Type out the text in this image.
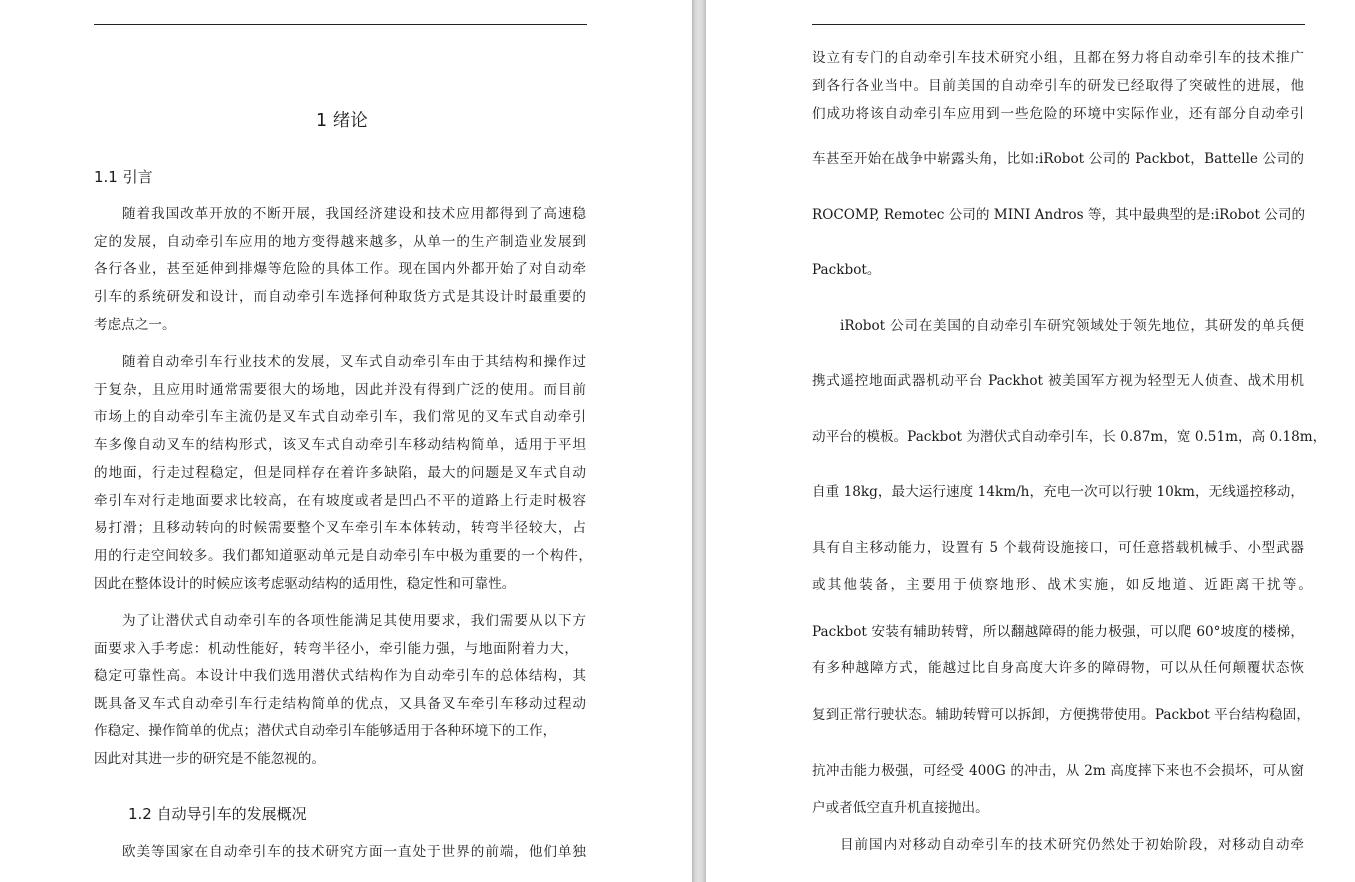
1 绪论
1.1 引言
随着我国改革开放的不断开展，我国经济建设和技术应用都得到了高速稳
定的发展，自动牵引车应用的地方变得越来越多，从单一的生产制造业发展到
各行各业，甚至延伸到排爆等危险的具体工作。现在国内外都开始了对自动牵
引车的系统研发和设计，而自动牵引车选择何种取货方式是其设计时最重要的
考虑点之一。
随着自动牵引车行业技术的发展，叉车式自动牵引车由于其结构和操作过
于复杂，且应用时通常需要很大的场地，因此并没有得到广泛的使用。而目前
市场上的自动牵引车主流仍是叉车式自动牵引车，我们常见的叉车式自动牵引
车多像自动叉车的结构形式，该叉车式自动牵引车移动结构简单，适用于平坦
的地面，行走过程稳定，但是同样存在着许多缺陷，最大的问题是叉车式自动
牵引车对行走地面要求比较高，在有坡度或者是凹凸不平的道路上行走时极容
易打滑；且移动转向的时候需要整个叉车牵引车本体转动，转弯半径较大，占
用的行走空间较多。我们都知道驱动单元是自动牵引车中极为重要的一个构件，
因此在整体设计的时候应该考虑驱动结构的适用性，稳定性和可靠性。
为了让潜伏式自动牵引车的各项性能满足其使用要求，我们需要从以下方
面要求入手考虑：机动性能好，转弯半径小，牵引能力强，与地面附着力大，
稳定可靠性高。本设计中我们选用潜伏式结构作为自动牵引车的总体结构，其
既具备叉车式自动牵引车行走结构简单的优点，又具备叉车牵引车移动过程动
作稳定、操作简单的优点；潜伏式自动牵引车能够适用于各种环境下的工作，
因此对其进一步的研究是不能忽视的。
1.2 自动导引车的发展概况
欧美等国家在自动牵引车的技术研究方面一直处于世界的前端，他们单独
设立有专门的自动牵引车技术研究小组，且都在努力将自动牵引车的技术推广
到各行各业当中。目前美国的自动牵引车的研发已经取得了突破性的进展，他
们成功将该自动牵引车应用到一些危险的环境中实际作业，还有部分自动牵引
车甚至开始在战争中崭露头角，比如:iRobot 公司的 Packbot，Battelle 公司的
ROCOMP, Remotec 公司的 MINI Andros 等，其中最典型的是:iRobot 公司的
Packbot。
iRobot 公司在美国的自动牵引车研究领域处于领先地位，其研发的单兵便
携式遥控地面武器机动平台 Packhot 被美国军方视为轻型无人侦查、战术用机
动平台的模板。Packbot 为潜伏式自动牵引车，长 0.87m，宽 0.51m，高 0.18m，
自重 18kg，最大运行速度 14km/h，充电一次可以行驶 10km，无线遥控移动，
具有自主移动能力，设置有 5 个载荷设施接口，可任意搭载机械手、小型武器
或其他装备，主要用于侦察地形、战术实施，如反地道、近距离干扰等。
Packbot 安装有辅助转臂，所以翻越障碍的能力极强，可以爬 60°坡度的楼梯，
有多种越障方式，能越过比自身高度大许多的障碍物，可以从任何颠覆状态恢
复到正常行驶状态。辅助转臂可以拆卸，方便携带使用。Packbot 平台结构稳固，
抗冲击能力极强，可经受 400G 的冲击，从 2m 高度摔下来也不会损坏，可从窗
户或者低空直升机直接抛出。
目前国内对移动自动牵引车的技术研究仍然处于初始阶段，对移动自动牵
